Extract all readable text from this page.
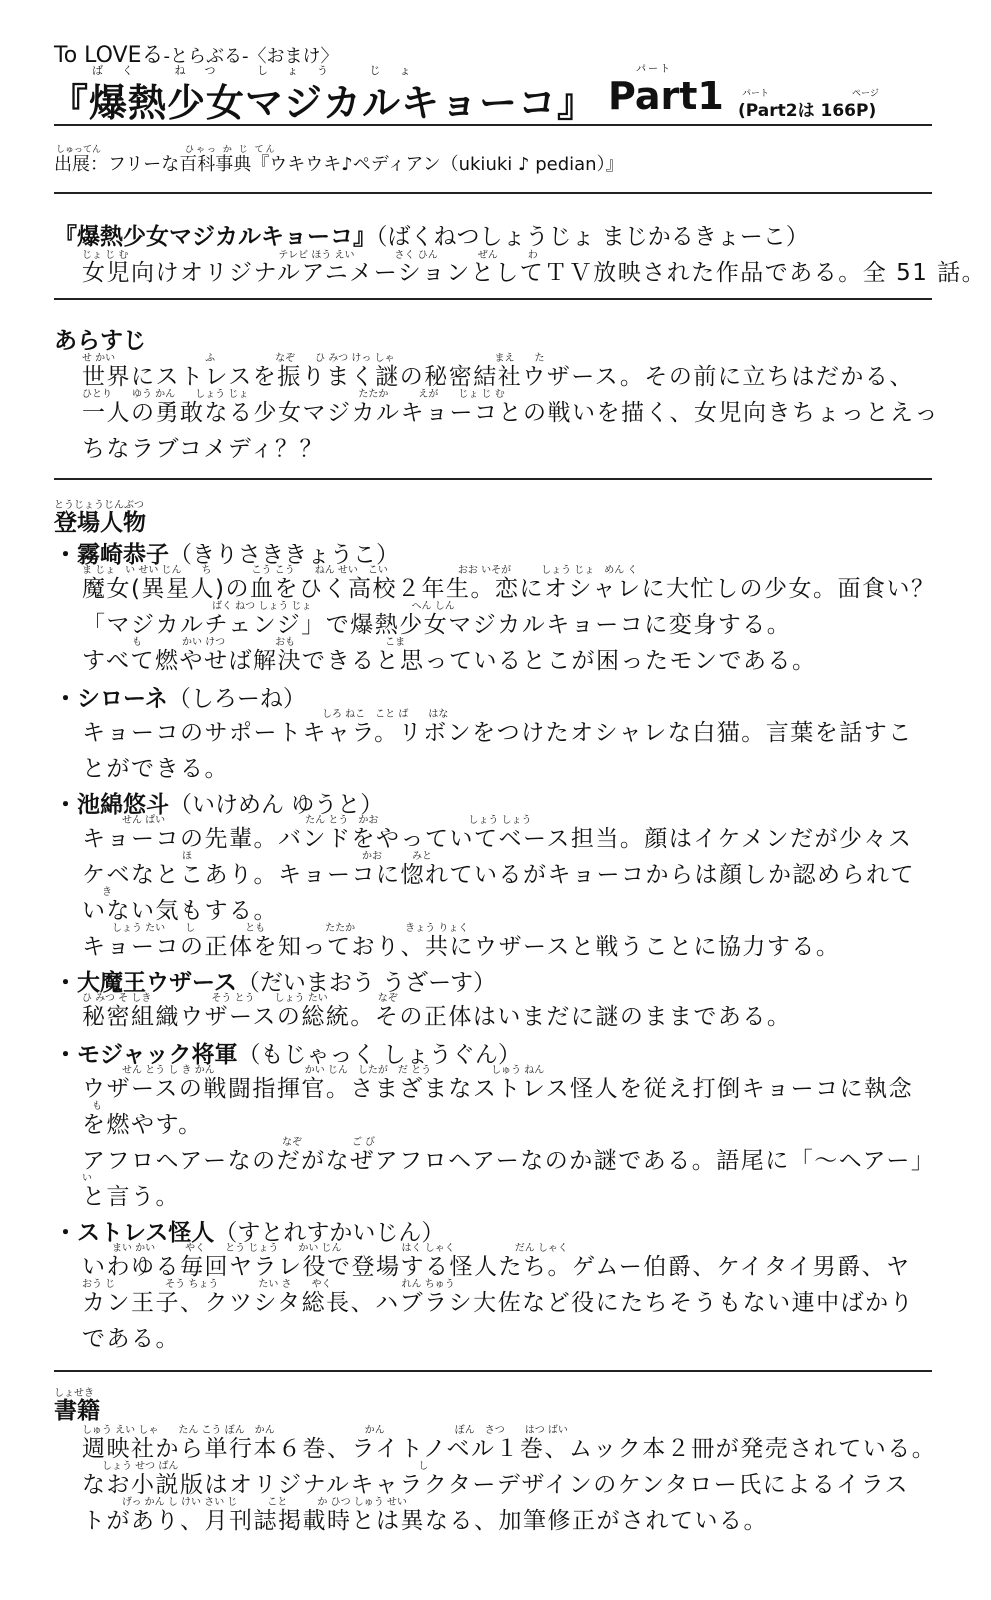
To LOVEる-とらぶる-〈おまけ〉
ばく ねつ しょう じょ
『爆熱少女マジカルキョーコ』
パート
Part1 パート	ページ
(Part2は 166P)
しゅってん	ひゃっ か じ てん
出展：フリーな百科事典『ウキウキ♪ペディアン（ukiuki ♪ pedian）』
『爆熱少女マジカルキョーコ』（ばくねつしょうじょ まじかるきょーこ）
じょ じ む　　　　　　　　　　　　　　　テレビ ほう えい　　　　さく ひん　　　　ぜん　　　わ
女児向けオリジナルアニメーションとしてＴＶ放映された作品である。全 51 話。
あらすじ
せ かい　　　　　　　　　ふ　　　　　　なぞ　　ひ みつ けっ しゃ　　　　　　　　　　まえ　　た
世界にストレスを振りまく謎の秘密結社ウザース。その前に立ちはだかる、
ひとり　　ゆう かん　　しょう じょ　　　　　　　　　　　たたか　　　えが　　じょ じ む
一人の勇敢なる少女マジカルキョーコとの戦いを描く、女児向きちょっとえっ
ちなラブコメディ？？
とうじょうじんぶつ
登場人物
・霧崎恭子（きりさききょうこ）
ま じょ　い せい じん　　ち　　　　こう こう　　ねん せい　こい　　　　　　　おお いそが　　　しょう じょ　めん く
魔女(異星人)の血をひく高校２年生。恋にオシャレに大忙しの少女。面食い？
　　　　　　　　　　　　　ばく ねつ しょう じょ　　　　　　　　　　へん しん
「マジカルチェンジ」で爆熱少女マジカルキョーコに変身する。
　　　　　も　　　　かい けつ　　　　　おも　　　　　　　　　こま
すべて燃やせば解決できると思っているとこが困ったモンである。
・シローネ（しろーね）
　　　　　　　　　　　　　　　　　　　　　　　　しろ ねこ　こと ば　　はな
キョーコのサポートキャラ。リボンをつけたオシャレな白猫。言葉を話すこ
とができる。
・池綿悠斗（いけめん ゆうと）
　　　　せん ぱい　　　　　　　　　　　　　　たん とう　かお　　　　　　　　　しょう しょう
キョーコの先輩。バンドをやっていてベース担当。顔はイケメンだが少々ス
　　　　　　　　　　ほ　　　　　　　　　　　　　　　　　かお　　　みと
ケベなとこあり。キョーコに惚れているがキョーコからは顔しか認められて
　　き
いない気もする。
　　　しょう たい　　し　　　　　とも　　　　　　たたか　　　　　きょう りょく
キョーコの正体を知っており、共にウザースと戦うことに協力する。
・大魔王ウザース（だいまおう うざーす）
ひ みつ そ しき　　　　　　そう とう　　しょう たい　　　　　なぞ
秘密組織ウザースの総統。その正体はいまだに謎のままである。
・モジャック将軍（もじゃっく しょうぐん）
　　　　せん とう し き かん　　　　　　　　　かい じん　したが　だ とう　　　　　　しゅう ねん
ウザースの戦闘指揮官。さまざまなストレス怪人を従え打倒キョーコに執念
　も
を燃やす。
　　　　　　　　　　　　　　　　　　　　なぞ　　　　　ご び
アフロヘアーなのだがなぜアフロヘアーなのか謎である。語尾に「〜ヘアー」
い
と言う。
・ストレス怪人（すとれすかいじん）
　　　まい かい　　　やく　　とう じょう　　かい じん　　　　　　はく しゃく　　　　　　だん しゃく
いわゆる毎回ヤラレ役で登場する怪人たち。ゲムー伯爵、ケイタイ男爵、ヤ
おう じ　　　　　そう ちょう　　　　たい さ　　やく　　　　　　　れん ちゅう
カン王子、クツシタ総長、ハブラシ大佐など役にたちそうもない連中ばかり
である。
しょせき
書籍
しゅう えい しゃ　　たん こう ぼん　かん　　　　　　　　　かん　　　　　　　ぼん　さつ　　はつ ばい
週映社から単行本６巻、ライトノベル１巻、ムック本２冊が発売されている。
　　しょう せつ ばん　　　　　　　　　　　　　　　　　　　　　　　　し
なお小説版はオリジナルキャラクターデザインのケンタロー氏によるイラス
　　　　げっ かん し けい さい じ　　　こと　　　か ひつ しゅう せい
トがあり、月刊誌掲載時とは異なる、加筆修正がされている。
